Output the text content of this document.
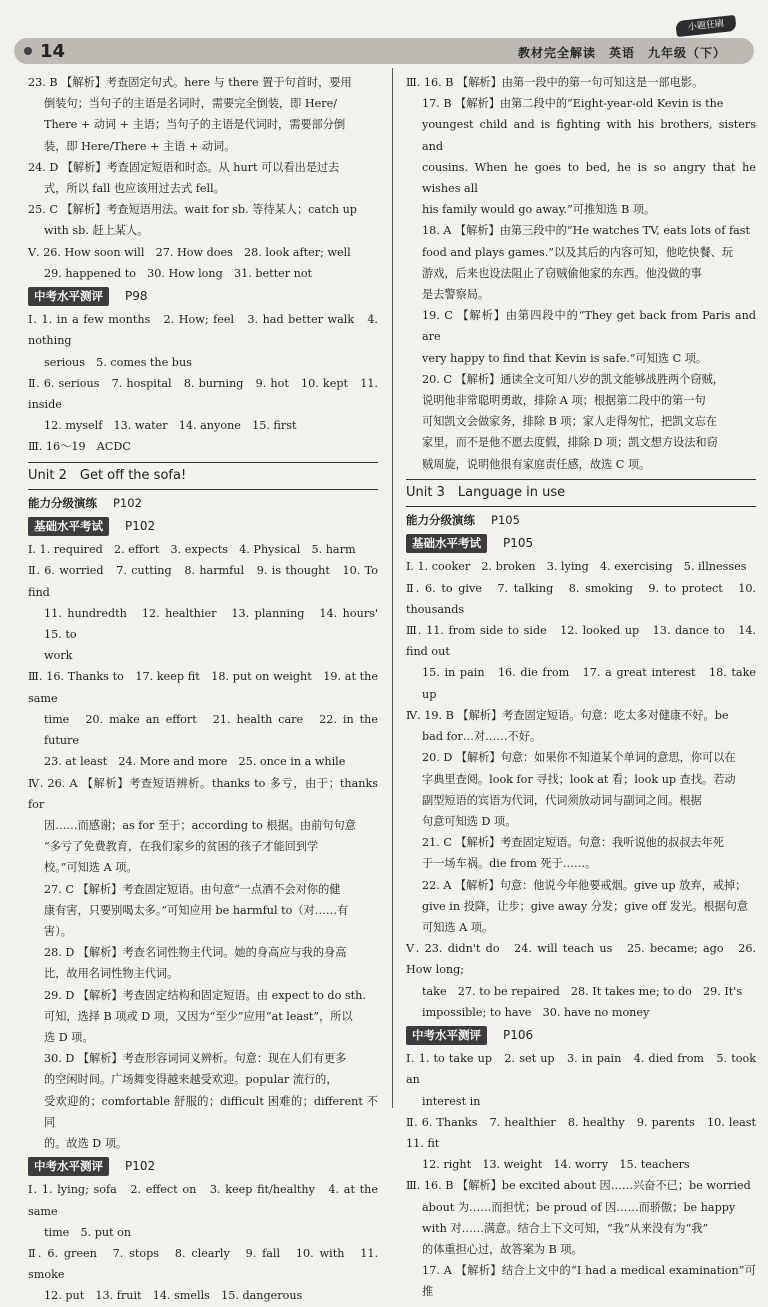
14	教材完全解读　英语　九年级（下）
小题狂刷

23. B 【解析】考查固定句式。here 与 there 置于句首时，要用

倒装句；当句子的主语是名词时，需要完全倒装，即 Here/

There + 动词 + 主语；当句子的主语是代词时，需要部分倒

装，即 Here/There + 主语 + 动词。

24. D 【解析】考查固定短语和时态。从 hurt 可以看出是过去

式，所以 fall 也应该用过去式 fell。

25. C 【解析】考查短语用法。wait for sb. 等待某人；catch up

with sb. 赶上某人。

Ⅴ. 26. How soon will　27. How does　28. look after; well

29. happened to　30. How long　31. better not

中考水平测评	P98

Ⅰ. 1. in a few months　2. How; feel　3. had better walk　4. nothing

serious　5. comes the bus

Ⅱ. 6. serious　7. hospital　8. burning　9. hot　10. kept　11. inside

12. myself　13. water　14. anyone　15. first

Ⅲ. 16～19　ACDC

Unit 2　Get off the sofa!
能力分级演练 P102
基础水平考试	P102

Ⅰ. 1. required　2. effort　3. expects　4. Physical　5. harm

Ⅱ. 6. worried　7. cutting　8. harmful　9. is thought　10. To find

11. hundredth　12. healthier　13. planning　14. hours'　15. to

work

Ⅲ. 16. Thanks to　17. keep fit　18. put on weight　19. at the same

time　20. make an effort　21. health care　22. in the future

23. at least　24. More and more　25. once in a while

Ⅳ. 26. A 【解析】考查短语辨析。thanks to 多亏，由于；thanks for

因……而感谢；as for 至于；according to 根据。由前句句意

“多亏了免费教育，在我们家乡的贫困的孩子才能回到学

校。”可知选 A 项。

27. C 【解析】考查固定短语。由句意“一点酒不会对你的健

康有害，只要别喝太多。”可知应用 be harmful to（对……有

害）。

28. D 【解析】考查名词性物主代词。她的身高应与我的身高

比，故用名词性物主代词。

29. D 【解析】考查固定结构和固定短语。由 expect to do sth.

可知，选择 B 项或 D 项，又因为“至少”应用“at least”，所以

选 D 项。

30. D 【解析】考查形容词词义辨析。句意：现在人们有更多

的空闲时间。广场舞变得越来越受欢迎。popular 流行的，

受欢迎的；comfortable 舒服的；difficult 困难的；different 不同

的。故选 D 项。

中考水平测评	P102

Ⅰ. 1. lying; sofa　2. effect on　3. keep fit/healthy　4. at the same

time　5. put on

Ⅱ. 6. green　7. stops　8. clearly　9. fall　10. with　11. smoke

12. put　13. fruit　14. smells　15. dangerous

Ⅲ. 16. B 【解析】由第一段中的第一句可知这是一部电影。

17. B 【解析】由第二段中的“Eight-year-old Kevin is the

youngest child and is fighting with his brothers, sisters and

cousins. When he goes to bed, he is so angry that he wishes all

his family would go away.”可推知选 B 项。

18. A 【解析】由第三段中的“He watches TV, eats lots of fast

food and plays games.”以及其后的内容可知，他吃快餐、玩

游戏，后来也设法阻止了窃贼偷他家的东西。他没做的事

是去警察局。

19. C 【解析】由第四段中的“They get back from Paris and are

very happy to find that Kevin is safe.”可知选 C 项。

20. C 【解析】通读全文可知八岁的凯文能够战胜两个窃贼，

说明他非常聪明勇敢，排除 A 项；根据第二段中的第一句

可知凯文会做家务，排除 B 项；家人走得匆忙，把凯文忘在

家里，而不是他不愿去度假，排除 D 项；凯文想方设法和窃

贼周旋，说明他很有家庭责任感，故选 C 项。

Unit 3　Language in use
能力分级演练 P105
基础水平考试	P105

Ⅰ. 1. cooker　2. broken　3. lying　4. exercising　5. illnesses

Ⅱ. 6. to give　7. talking　8. smoking　9. to protect　10. thousands

Ⅲ. 11. from side to side　12. looked up　13. dance to　14. find out

15. in pain　16. die from　17. a great interest　18. take up

Ⅳ. 19. B 【解析】考查固定短语。句意：吃太多对健康不好。be

bad for…对……不好。

20. D 【解析】句意：如果你不知道某个单词的意思，你可以在

字典里查阅。look for 寻找；look at 看；look up 查找。若动

副型短语的宾语为代词，代词须放动词与副词之间。根据

句意可知选 D 项。

21. C 【解析】考查固定短语。句意：我听说他的叔叔去年死

于一场车祸。die from 死于……。

22. A 【解析】句意：他说今年他要戒烟。give up 放弃，戒掉；

give in 投降，让步；give away 分发；give off 发光。根据句意

可知选 A 项。

Ⅴ. 23. didn't do　24. will teach us　25. became; ago　26. How long;

take　27. to be repaired　28. It takes me; to do　29. It's

impossible; to have　30. have no money

中考水平测评	P106

Ⅰ. 1. to take up　2. set up　3. in pain　4. died from　5. took an

interest in

Ⅱ. 6. Thanks　7. healthier　8. healthy　9. parents　10. least　11. fit

12. right　13. weight　14. worry　15. teachers

Ⅲ. 16. B 【解析】be excited about 因……兴奋不已；be worried

about 为……而担忧；be proud of 因……而骄傲；be happy

with 对……满意。结合上下文可知，“我”从来没有为“我”

的体重担心过，故答案为 B 项。

17. A 【解析】结合上文中的“I had a medical examination”可推
